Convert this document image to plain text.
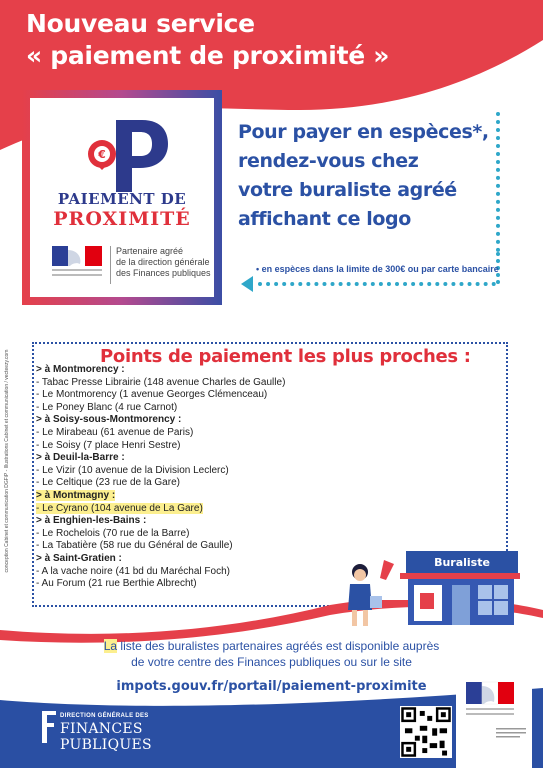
Nouveau service
« paiement de proximité »
€
PAIEMENT DE
PROXIMITÉ
Partenaire agréé
de la direction générale
des Finances publiques
Pour payer en espèces*,
rendez-vous chez
votre buraliste agréé
affichant ce logo
• en espèces dans la limite de 300€ ou par carte bancaire
conception Cabinet et communication DGFiP - Illustrations Cabinet et communication / vecteezy.com	Points de paiement les plus proches :
> à Montmorency :
- Tabac Presse Librairie (148 avenue Charles de Gaulle)
- Le Montmorency (1 avenue Georges Clémenceau)
- Le Poney Blanc (4 rue Carnot)
> à Soisy-sous-Montmorency :
- Le Mirabeau (61 avenue de Paris)
- Le Soisy (7 place Henri Sestre)
> à Deuil-la-Barre :
- Le Vizir (10 avenue de la Division Leclerc)
- Le Celtique (23 rue de la Gare)
> à Montmagny :
- Le Cyrano (104 avenue de La Gare)
> à Enghien-les-Bains :
- Le Rochelois (70 rue de la Barre)
- La Tabatière (58 rue du Général de Gaulle)
> à Saint-Gratien :
- A la vache noire (41 bd du Maréchal Foch)
- Au Forum (21 rue Berthie Albrecht)
Buraliste
La liste des buralistes partenaires agréés est disponible auprès
de votre centre des Finances publiques ou sur le site
impots.gouv.fr/portail/paiement-proximite
DIRECTION GÉNÉRALE DES
FINANCES PUBLIQUES
